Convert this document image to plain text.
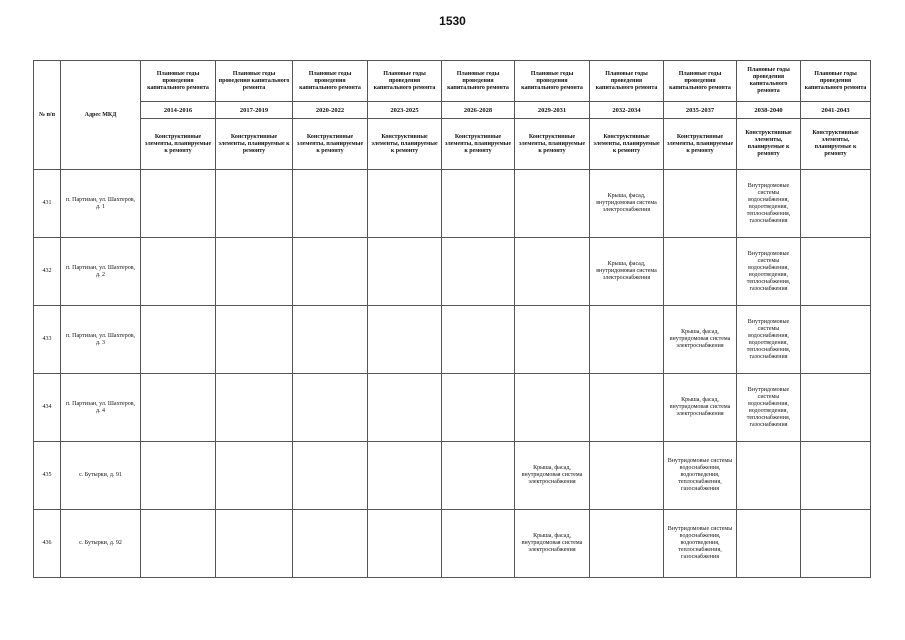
1530
№ п/п	Адрес МКД	Плановые годы проведения капитального ремонта	Плановые годы проведения капитального ремонта	Плановые годы проведения капитального ремонта	Плановые годы проведения капитального ремонта	Плановые годы проведения капитального ремонта	Плановые годы проведения капитального ремонта	Плановые годы проведения капитального ремонта	Плановые годы проведения капитального ремонта	Плановые годы проведения капитального ремонта	Плановые годы проведения капитального ремонта
		2014-2016	2017-2019	2020-2022	2023-2025	2026-2028	2029-2031	2032-2034	2035-2037	2038-2040	2041-2043
		Конструктивные элементы, планируемые к ремонту	Конструктивные элементы, планируемые к ремонту	Конструктивные элементы, планируемые к ремонту	Конструктивные элементы, планируемые к ремонту	Конструктивные элементы, планируемые к ремонту	Конструктивные элементы, планируемые к ремонту	Конструктивные элементы, планируемые к ремонту	Конструктивные элементы, планируемые к ремонту	Конструктивные элементы, планируемые к ремонту	Конструктивные элементы, планируемые к ремонту
431	п. Партизан, ул. Шахтеров, д. 1							Крыша, фасад, внутридомовая система электроснабжения		Внутридомовые системы водоснабжения, водоотведения, теплоснабжения, газоснабжения	
432	п. Партизан, ул. Шахтеров, д. 2							Крыша, фасад, внутридомовая система электроснабжения		Внутридомовые системы водоснабжения, водоотведения, теплоснабжения, газоснабжения	
433	п. Партизан, ул. Шахтеров, д. 3								Крыша, фасад, внутридомовая система электроснабжения	Внутридомовые системы водоснабжения, водоотведения, теплоснабжения, газоснабжения	
434	п. Партизан, ул. Шахтеров, д. 4								Крыша, фасад, внутридомовая система электроснабжения	Внутридомовые системы водоснабжения, водоотведения, теплоснабжения, газоснабжения	
435	с. Бутырки, д. 91						Крыша, фасад, внутридомовая система электроснабжения		Внутридомовые системы водоснабжения, водоотведения, теплоснабжения, газоснабжения		
436	с. Бутырки, д. 92						Крыша, фасад, внутридомовая система электроснабжения		Внутридомовые системы водоснабжения, водоотведения, теплоснабжения, газоснабжения		
